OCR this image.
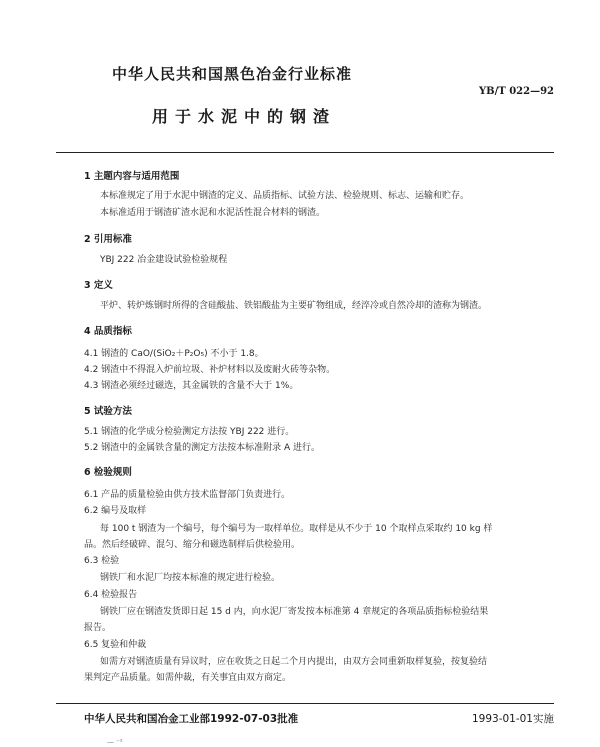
中华人民共和国黑色冶金行业标准
YB/T 022—92
用于水泥中的钢渣
1 主题内容与适用范围
本标准规定了用于水泥中钢渣的定义、品质指标、试验方法、检验规则、标志、运输和贮存。
本标准适用于钢渣矿渣水泥和水泥活性混合材料的钢渣。
2 引用标准
YBJ 222 冶金建设试验检验规程
3 定义
平炉、转炉炼钢时所得的含硅酸盐、铁铝酸盐为主要矿物组成，经淬冷或自然冷却的渣称为钢渣。
4 品质指标
4.1 钢渣的 CaO/(SiO₂＋P₂O₅) 不小于 1.8。
4.2 钢渣中不得混入炉前垃圾、补炉材料以及废耐火砖等杂物。
4.3 钢渣必须经过磁选，其金属铁的含量不大于 1%。
5 试验方法
5.1 钢渣的化学成分检验测定方法按 YBJ 222 进行。
5.2 钢渣中的金属铁含量的测定方法按本标准附录 A 进行。
6 检验规则
6.1 产品的质量检验由供方技术监督部门负责进行。
6.2 编号及取样
每 100 t 钢渣为一个编号，每个编号为一取样单位。取样是从不少于 10 个取样点采取约 10 kg 样
品。然后经破碎、混匀、缩分和磁选制样后供检验用。
6.3 检验
钢铁厂和水泥厂均按本标准的规定进行检验。
6.4 检验报告
钢铁厂应在钢渣发货即日起 15 d 内，向水泥厂寄发按本标准第 4 章规定的各项品质指标检验结果
报告。
6.5 复验和仲裁
如需方对钢渣质量有异议时，应在收货之日起二个月内提出，由双方会同重新取样复验，按复验结
果判定产品质量。如需仲裁，有关事宜由双方商定。
中华人民共和国冶金工业部1992-07-03批准	1993-01-01实施
— ⁻²
